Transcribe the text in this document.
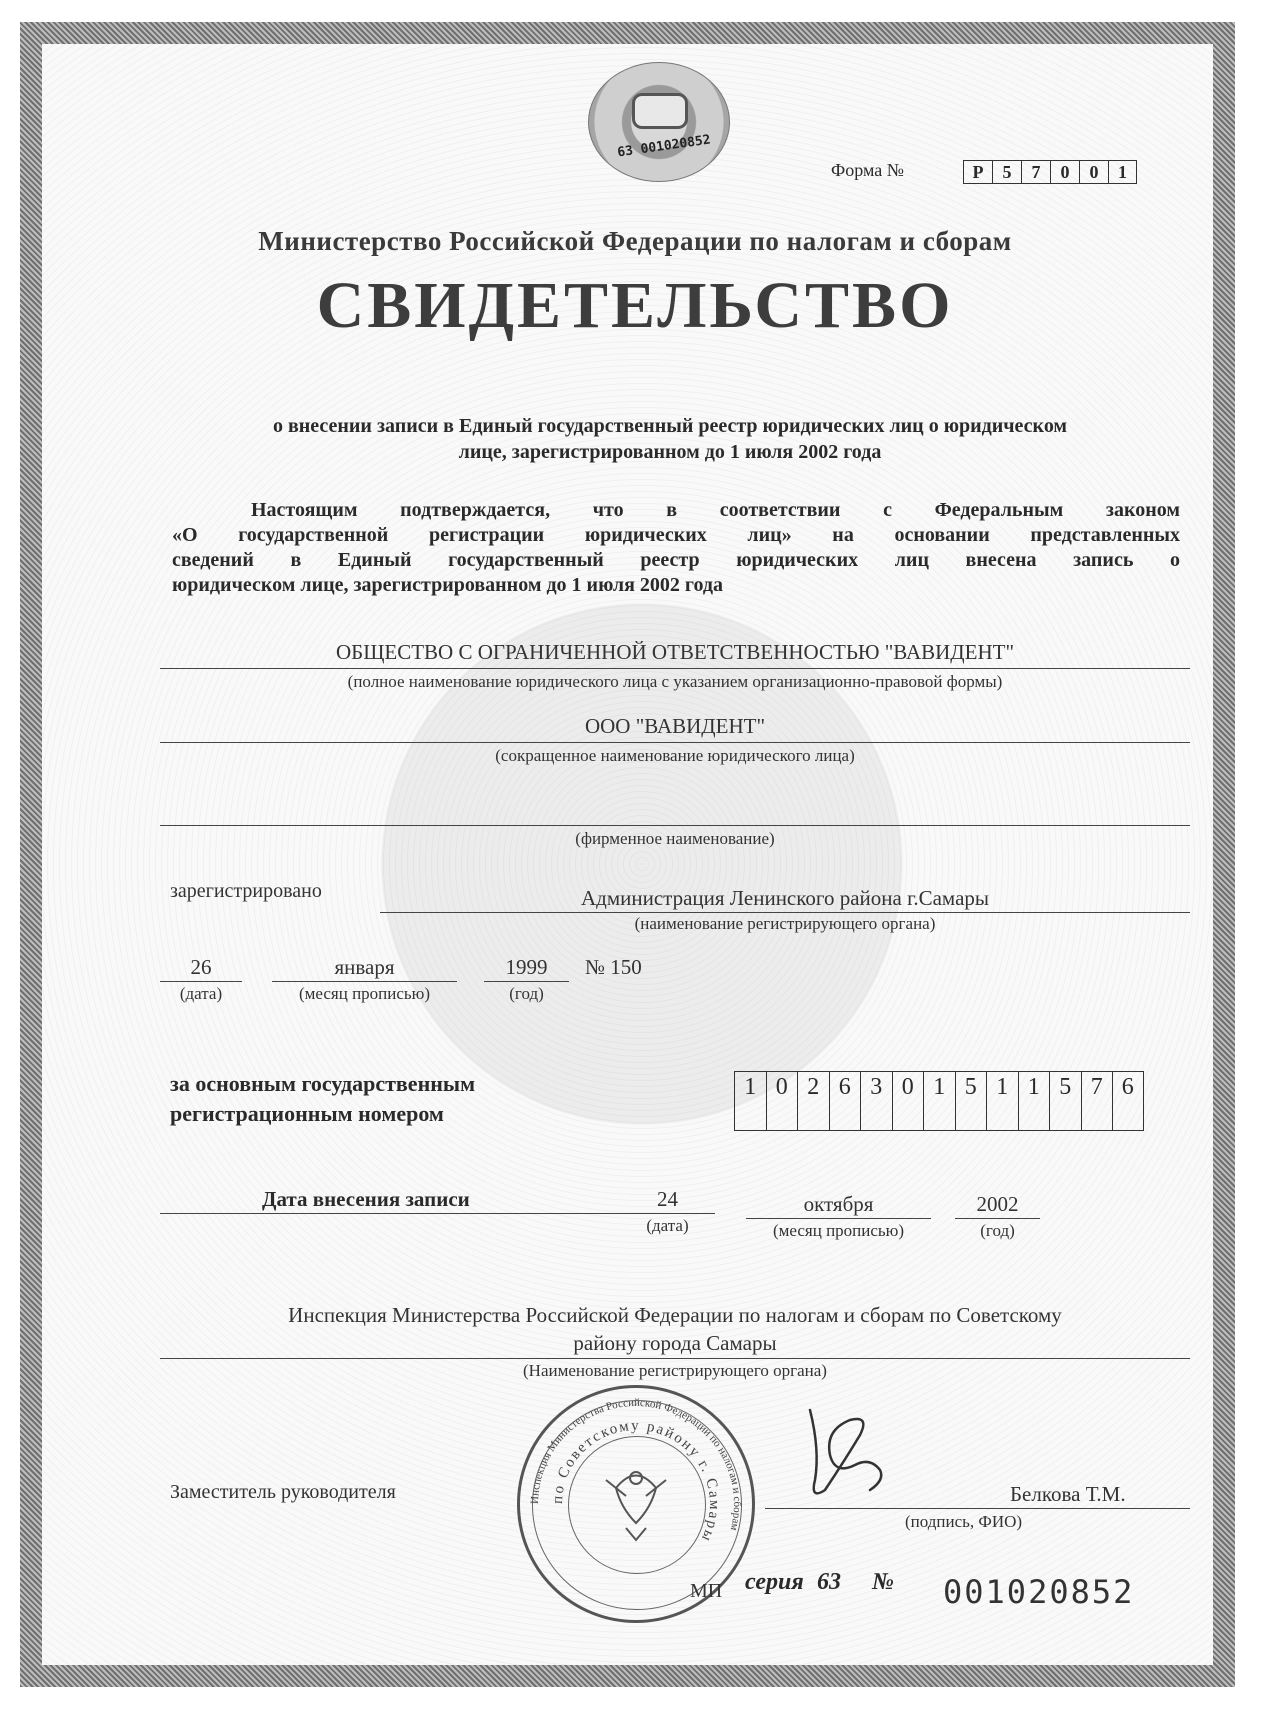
63 001020852
Форма №	Р	5	7	0	0	1
Министерство Российской Федерации по налогам и сборам
СВИДЕТЕЛЬСТВО
о внесении записи в Единый государственный реестр юридических лиц о юридическом
лице, зарегистрированном до 1 июля 2002 года
Настоящим подтверждается, что в соответствии с Федеральным законом
«О государственной регистрации юридических лиц» на основании представленных
сведений в Единый государственный реестр юридических лиц внесена запись о
юридическом лице, зарегистрированном до 1 июля 2002 года
ОБЩЕСТВО С ОГРАНИЧЕННОЙ ОТВЕТСТВЕННОСТЬЮ "ВАВИДЕНТ"
(полное наименование юридического лица с указанием организационно-правовой формы)
ООО "ВАВИДЕНТ"
(сокращенное наименование юридического лица)
(фирменное наименование)
зарегистрировано	Администрация Ленинского района г.Самары
(наименование регистрирующего органа)
26
(дата)
января
(месяц прописью)
1999
(год)
№ 150
за основным государственным
регистрационным номером
1 0 2 6 3 0 1 5 1 1 5 7 6
Дата внесения записи	24
(дата)
октября
(месяц прописью)
2002
(год)
Инспекция Министерства Российской Федерации по налогам и сборам по Советскому
району города Самары
(Наименование регистрирующего органа)
Инспекция Министерства Российской Федерации по налогам и сборам
по Советскому району г. Самары
Заместитель руководителя	Белкова Т.М.
(подпись, ФИО)
МП серия 63 № 001020852
